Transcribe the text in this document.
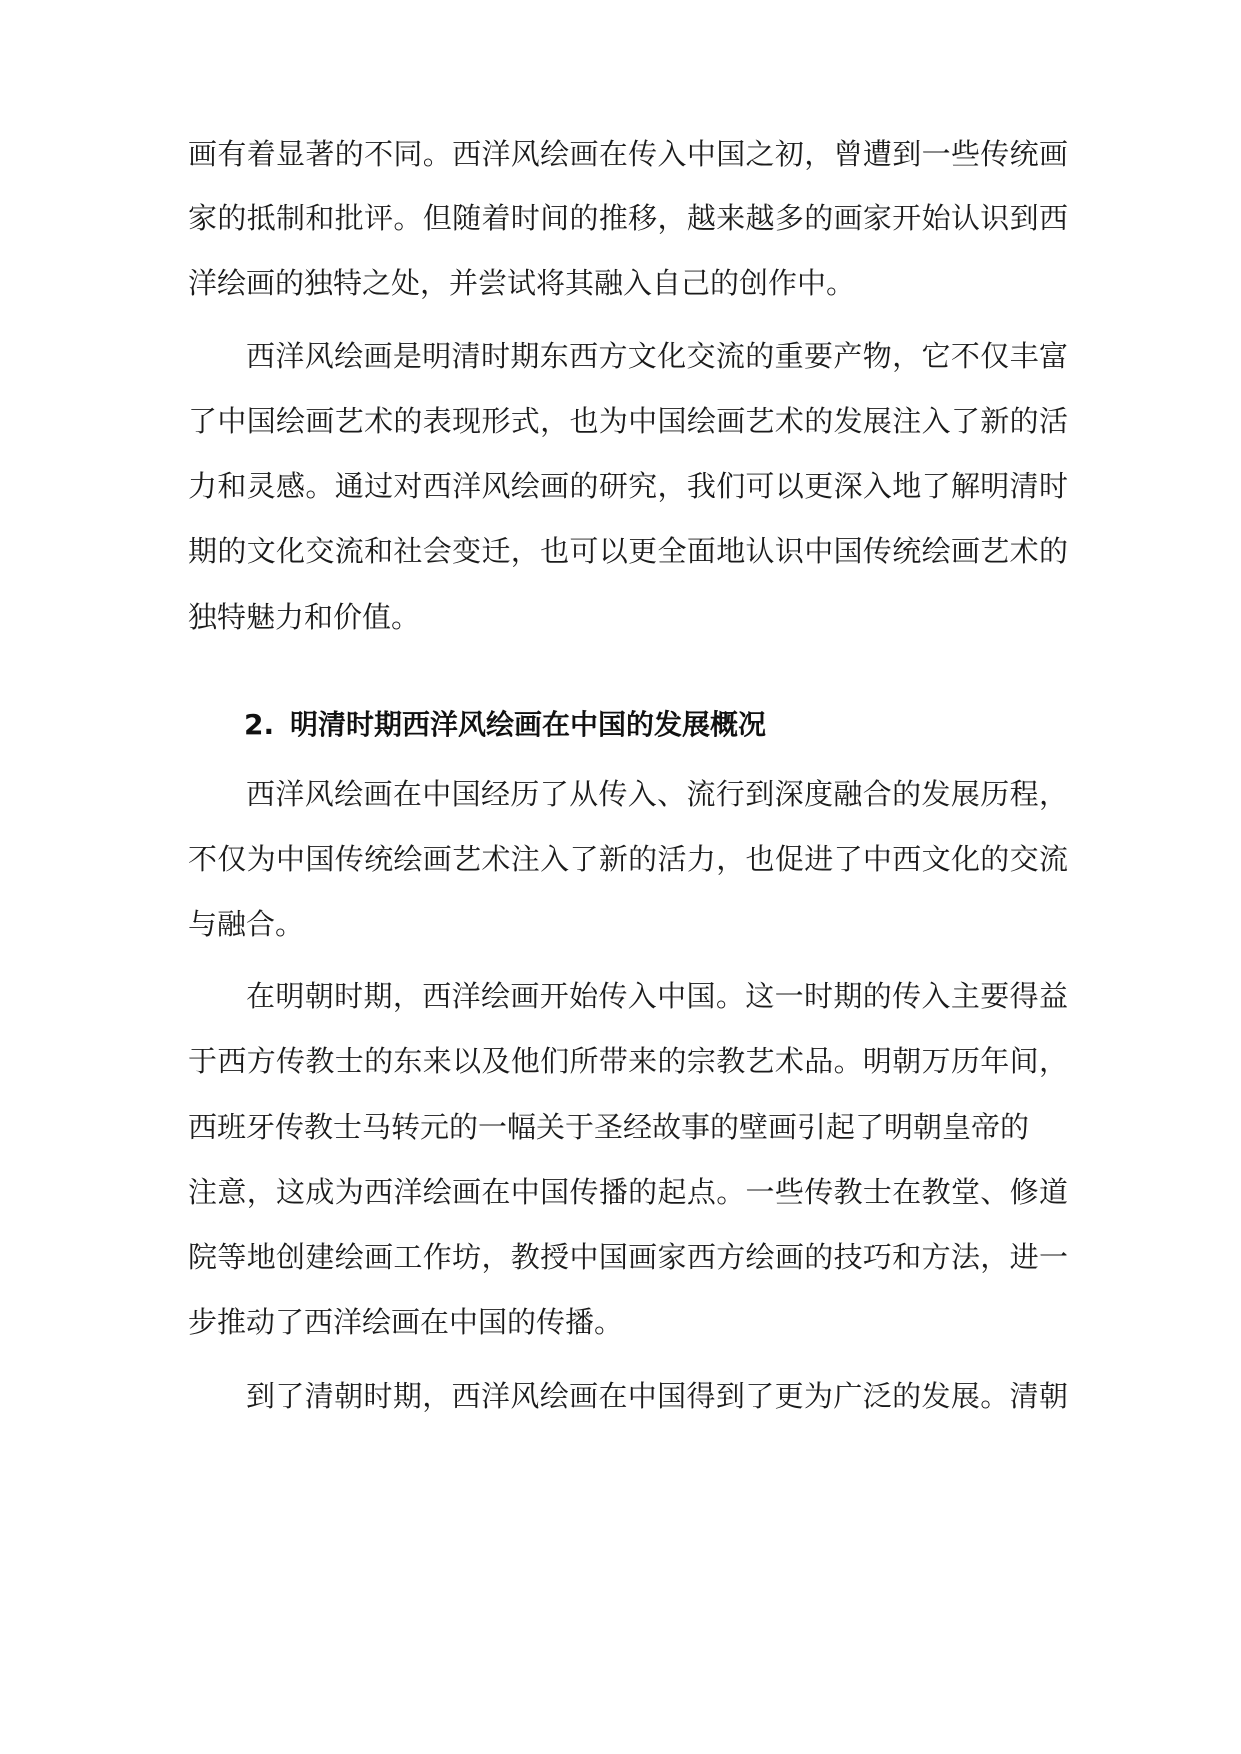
画有着显著的不同。西洋风绘画在传入中国之初，曾遭到一些传统画

家的抵制和批评。但随着时间的推移，越来越多的画家开始认识到西

洋绘画的独特之处，并尝试将其融入自己的创作中。

西洋风绘画是明清时期东西方文化交流的重要产物，它不仅丰富

了中国绘画艺术的表现形式，也为中国绘画艺术的发展注入了新的活

力和灵感。通过对西洋风绘画的研究，我们可以更深入地了解明清时

期的文化交流和社会变迁，也可以更全面地认识中国传统绘画艺术的

独特魅力和价值。

2. 明清时期西洋风绘画在中国的发展概况

西洋风绘画在中国经历了从传入、流行到深度融合的发展历程，

不仅为中国传统绘画艺术注入了新的活力，也促进了中西文化的交流

与融合。

在明朝时期，西洋绘画开始传入中国。这一时期的传入主要得益

于西方传教士的东来以及他们所带来的宗教艺术品。明朝万历年间，

西班牙传教士马转元的一幅关于圣经故事的壁画引起了明朝皇帝的

注意，这成为西洋绘画在中国传播的起点。一些传教士在教堂、修道

院等地创建绘画工作坊，教授中国画家西方绘画的技巧和方法，进一

步推动了西洋绘画在中国的传播。

到了清朝时期，西洋风绘画在中国得到了更为广泛的发展。清朝
